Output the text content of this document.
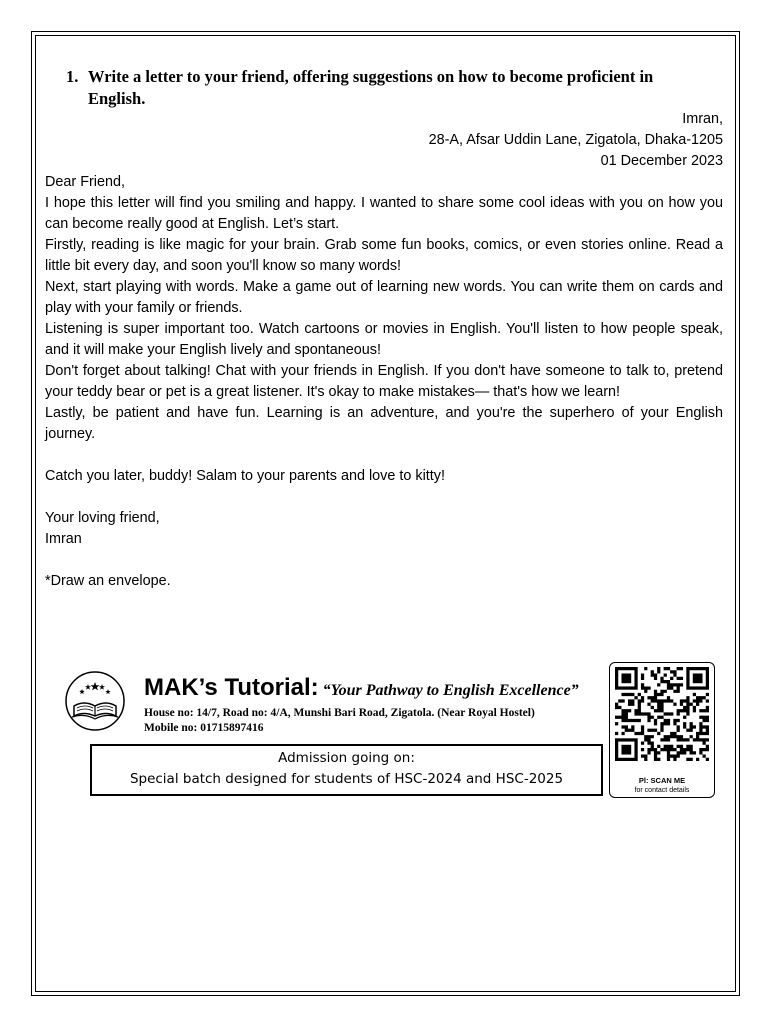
1. Write a letter to your friend, offering suggestions on how to become proficient in English.
Imran,
28-A, Afsar Uddin Lane, Zigatola, Dhaka-1205
01 December 2023

Dear Friend,

I hope this letter will find you smiling and happy. I wanted to share some cool ideas with you on how you can become really good at English. Let’s start.

Firstly, reading is like magic for your brain. Grab some fun books, comics, or even stories online. Read a little bit every day, and soon you'll know so many words!

Next, start playing with words. Make a game out of learning new words. You can write them on cards and play with your family or friends.

Listening is super important too. Watch cartoons or movies in English. You'll listen to how people speak, and it will make your English lively and spontaneous!

Don't forget about talking! Chat with your friends in English. If you don't have someone to talk to, pretend your teddy bear or pet is a great listener. It's okay to make mistakes— that's how we learn!

Lastly, be patient and have fun. Learning is an adventure, and you're the superhero of your English journey.

Catch you later, buddy! Salam to your parents and love to kitty!

Your loving friend,

Imran

*Draw an envelope.

MAK’s Tutorial: “Your Pathway to English Excellence”
House no: 14/7, Road no: 4/A, Munshi Bari Road, Zigatola. (Near Royal Hostel)
Mobile no: 01715897416
Admission going on:
Special batch designed for students of HSC-2024 and HSC-2025	Pl: SCAN ME
for contact details
